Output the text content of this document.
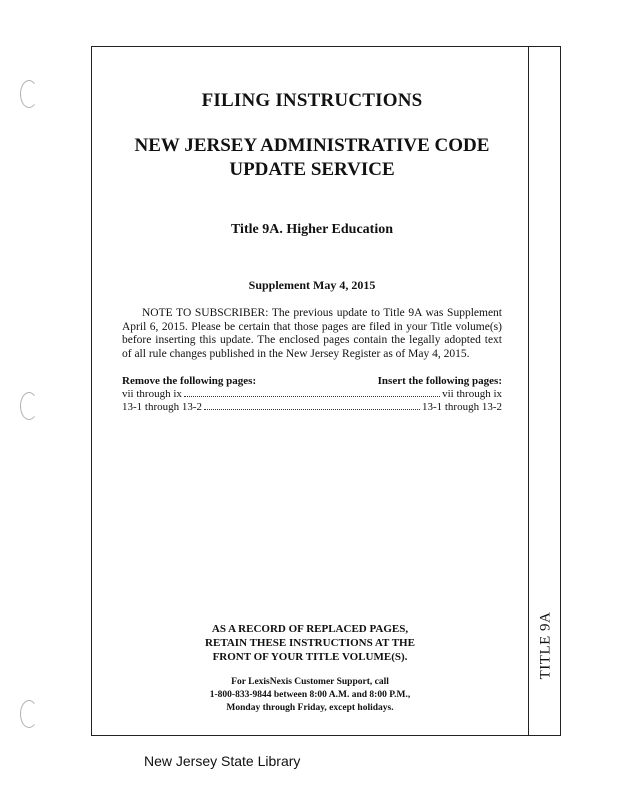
TITLE 9A

FILING INSTRUCTIONS

NEW JERSEY ADMINISTRATIVE CODE

UPDATE SERVICE

Title 9A. Higher Education
Supplement May 4, 2015
NOTE TO SUBSCRIBER: The previous update to Title 9A was Supplement April 6, 2015. Please be certain that those pages are filed in your Title volume(s) before inserting this update. The enclosed pages contain the legally adopted text of all rule changes published in the New Jersey Register as of May 4, 2015.
Remove the following pages:	Insert the following pages:
vii through ix	vii through ix
13-1 through 13-2	13-1 through 13-2
AS A RECORD OF REPLACED PAGES,
RETAIN THESE INSTRUCTIONS AT THE
FRONT OF YOUR TITLE VOLUME(S).
For LexisNexis Customer Support, call
1-800-833-9844 between 8:00 A.M. and 8:00 P.M.,
Monday through Friday, except holidays.
New Jersey State Library
